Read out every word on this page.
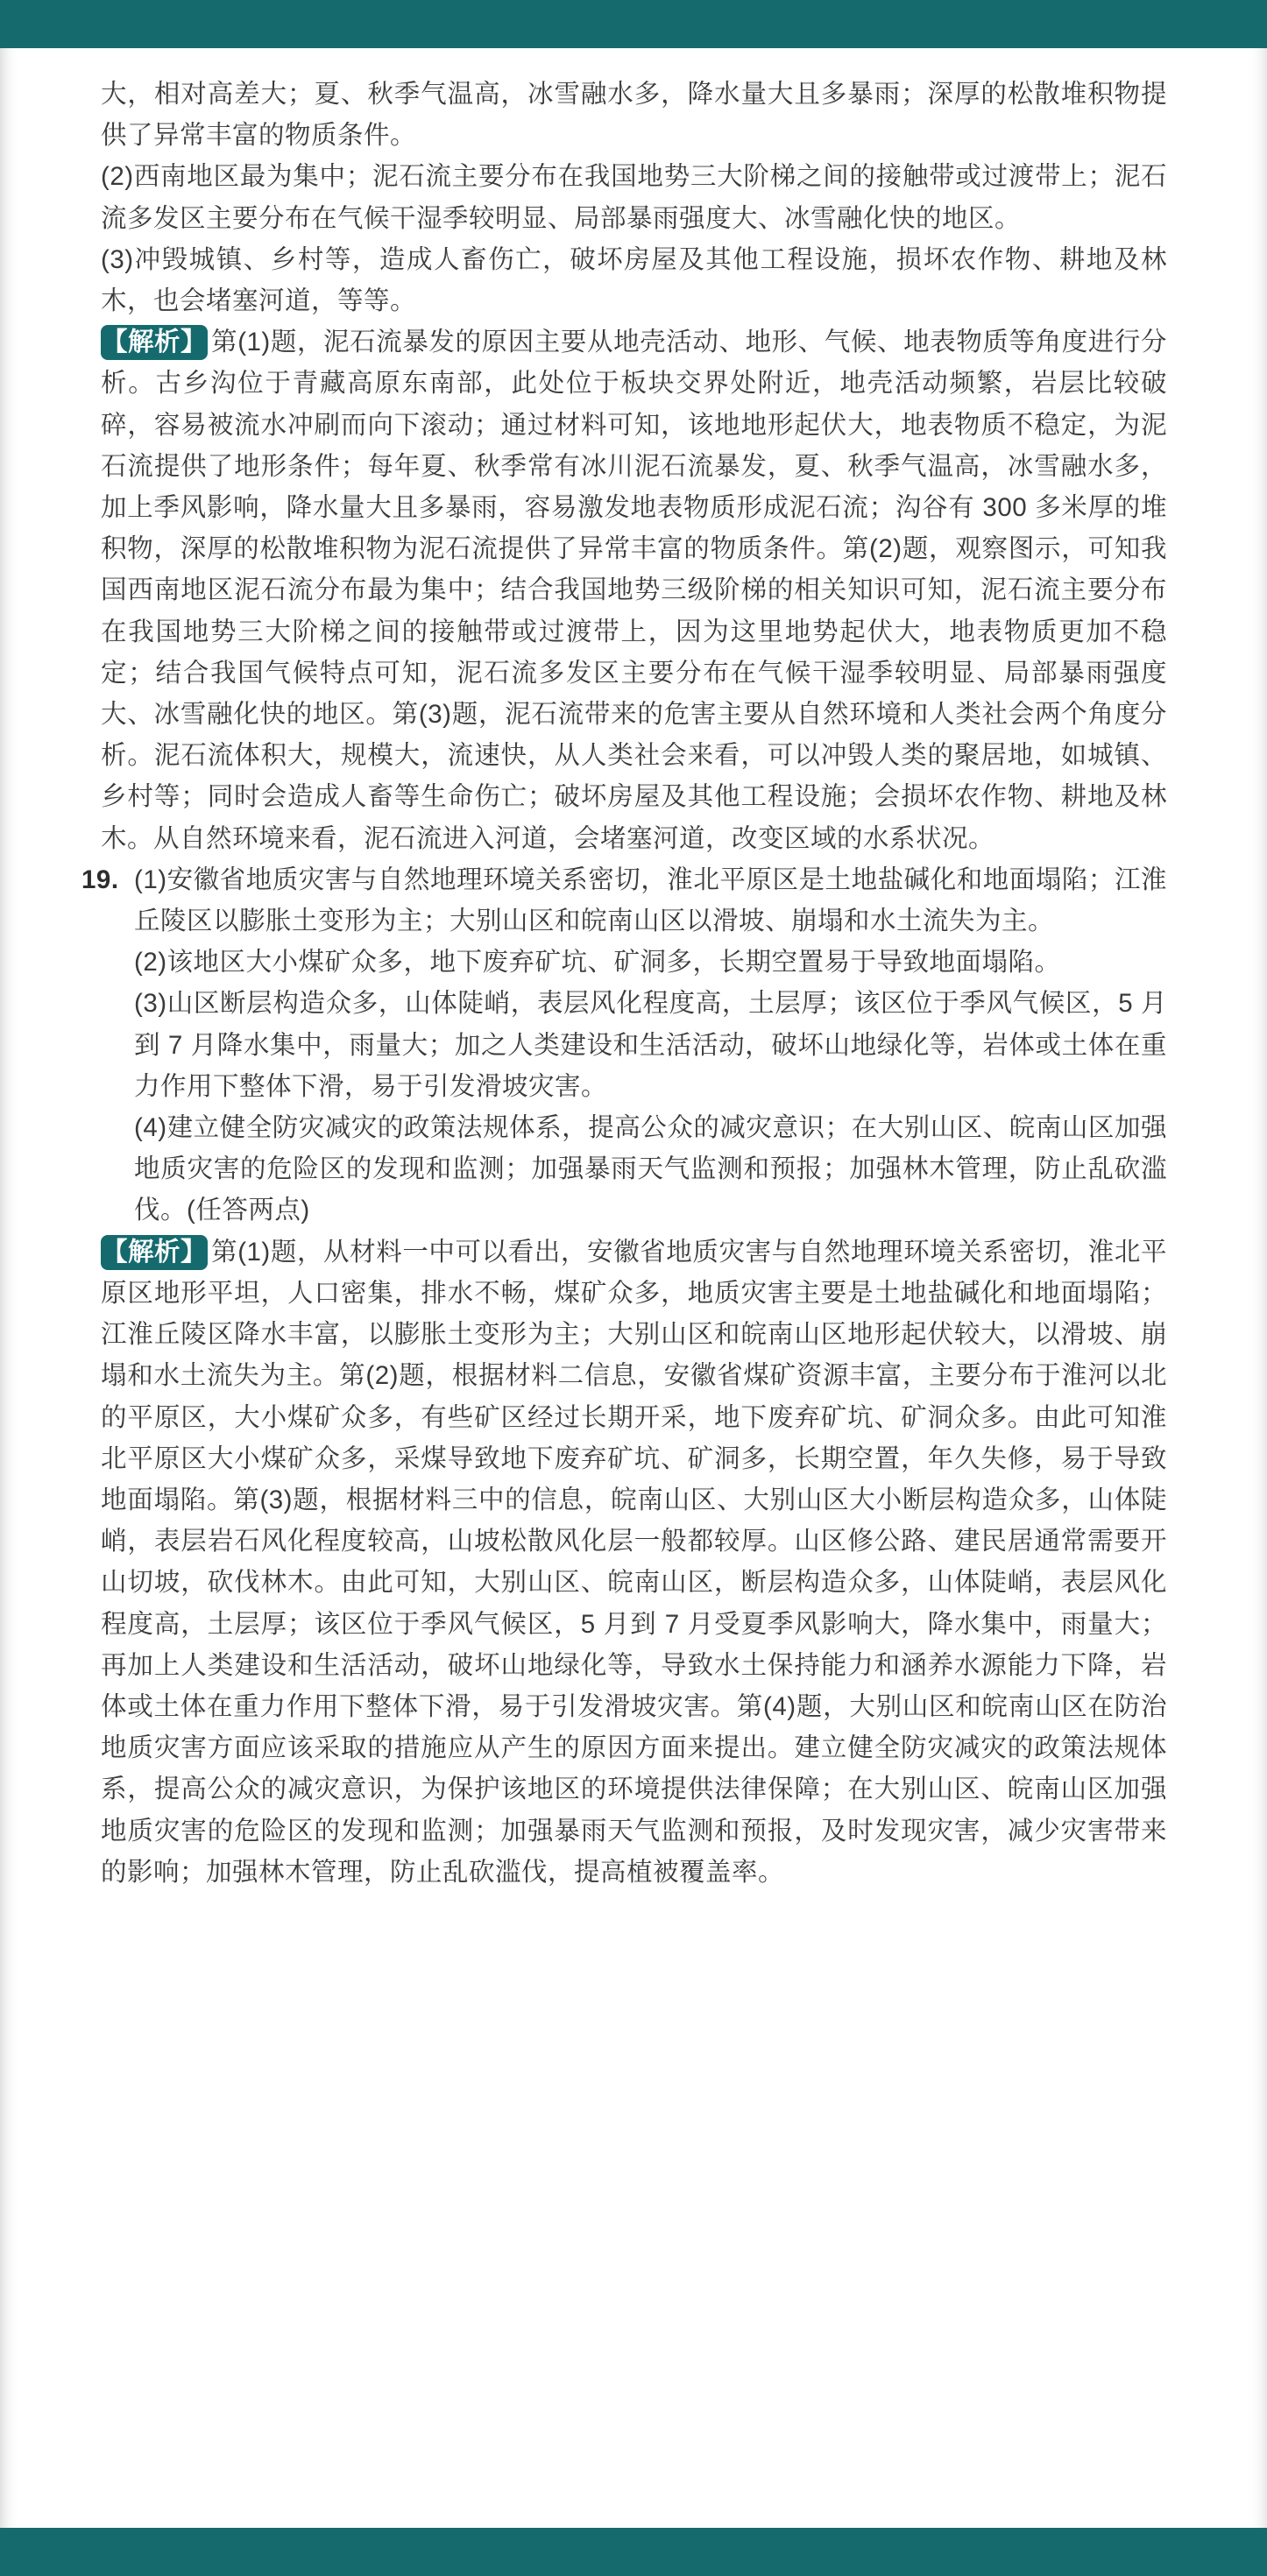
大，相对高差大；夏、秋季气温高，冰雪融水多，降水量大且多暴雨；深厚的松散堆积物提供了异常丰富的物质条件。

(2)西南地区最为集中；泥石流主要分布在我国地势三大阶梯之间的接触带或过渡带上；泥石流多发区主要分布在气候干湿季较明显、局部暴雨强度大、冰雪融化快的地区。

(3)冲毁城镇、乡村等，造成人畜伤亡，破坏房屋及其他工程设施，损坏农作物、耕地及林木，也会堵塞河道，等等。

【解析】 第(1)题，泥石流暴发的原因主要从地壳活动、地形、气候、地表物质等角度进行分析。古乡沟位于青藏高原东南部，此处位于板块交界处附近，地壳活动频繁，岩层比较破碎，容易被流水冲刷而向下滚动；通过材料可知，该地地形起伏大，地表物质不稳定，为泥石流提供了地形条件；每年夏、秋季常有冰川泥石流暴发，夏、秋季气温高，冰雪融水多，加上季风影响，降水量大且多暴雨，容易激发地表物质形成泥石流；沟谷有 300 多米厚的堆积物，深厚的松散堆积物为泥石流提供了异常丰富的物质条件。第(2)题，观察图示，可知我国西南地区泥石流分布最为集中；结合我国地势三级阶梯的相关知识可知，泥石流主要分布在我国地势三大阶梯之间的接触带或过渡带上，因为这里地势起伏大，地表物质更加不稳定；结合我国气候特点可知，泥石流多发区主要分布在气候干湿季较明显、局部暴雨强度大、冰雪融化快的地区。第(3)题，泥石流带来的危害主要从自然环境和人类社会两个角度分析。泥石流体积大，规模大，流速快，从人类社会来看，可以冲毁人类的聚居地，如城镇、乡村等；同时会造成人畜等生命伤亡；破坏房屋及其他工程设施；会损坏农作物、耕地及林木。从自然环境来看，泥石流进入河道，会堵塞河道，改变区域的水系状况。

19. (1)安徽省地质灾害与自然地理环境关系密切，淮北平原区是土地盐碱化和地面塌陷；江淮丘陵区以膨胀土变形为主；大别山区和皖南山区以滑坡、崩塌和水土流失为主。

(2)该地区大小煤矿众多，地下废弃矿坑、矿洞多，长期空置易于导致地面塌陷。

(3)山区断层构造众多，山体陡峭，表层风化程度高，土层厚；该区位于季风气候区，5 月到 7 月降水集中，雨量大；加之人类建设和生活活动，破坏山地绿化等，岩体或土体在重力作用下整体下滑，易于引发滑坡灾害。

(4)建立健全防灾减灾的政策法规体系，提高公众的减灾意识；在大别山区、皖南山区加强地质灾害的危险区的发现和监测；加强暴雨天气监测和预报；加强林木管理，防止乱砍滥伐。(任答两点)

【解析】 第(1)题，从材料一中可以看出，安徽省地质灾害与自然地理环境关系密切，淮北平原区地形平坦，人口密集，排水不畅，煤矿众多，地质灾害主要是土地盐碱化和地面塌陷；江淮丘陵区降水丰富，以膨胀土变形为主；大别山区和皖南山区地形起伏较大，以滑坡、崩塌和水土流失为主。第(2)题，根据材料二信息，安徽省煤矿资源丰富，主要分布于淮河以北的平原区，大小煤矿众多，有些矿区经过长期开采，地下废弃矿坑、矿洞众多。由此可知淮北平原区大小煤矿众多，采煤导致地下废弃矿坑、矿洞多，长期空置，年久失修，易于导致地面塌陷。第(3)题，根据材料三中的信息，皖南山区、大别山区大小断层构造众多，山体陡峭，表层岩石风化程度较高，山坡松散风化层一般都较厚。山区修公路、建民居通常需要开山切坡，砍伐林木。由此可知，大别山区、皖南山区，断层构造众多，山体陡峭，表层风化程度高，土层厚；该区位于季风气候区，5 月到 7 月受夏季风影响大，降水集中，雨量大；再加上人类建设和生活活动，破坏山地绿化等，导致水土保持能力和涵养水源能力下降，岩体或土体在重力作用下整体下滑，易于引发滑坡灾害。第(4)题，大别山区和皖南山区在防治地质灾害方面应该采取的措施应从产生的原因方面来提出。建立健全防灾减灾的政策法规体系，提高公众的减灾意识，为保护该地区的环境提供法律保障；在大别山区、皖南山区加强地质灾害的危险区的发现和监测；加强暴雨天气监测和预报，及时发现灾害，减少灾害带来的影响；加强林木管理，防止乱砍滥伐，提高植被覆盖率。
